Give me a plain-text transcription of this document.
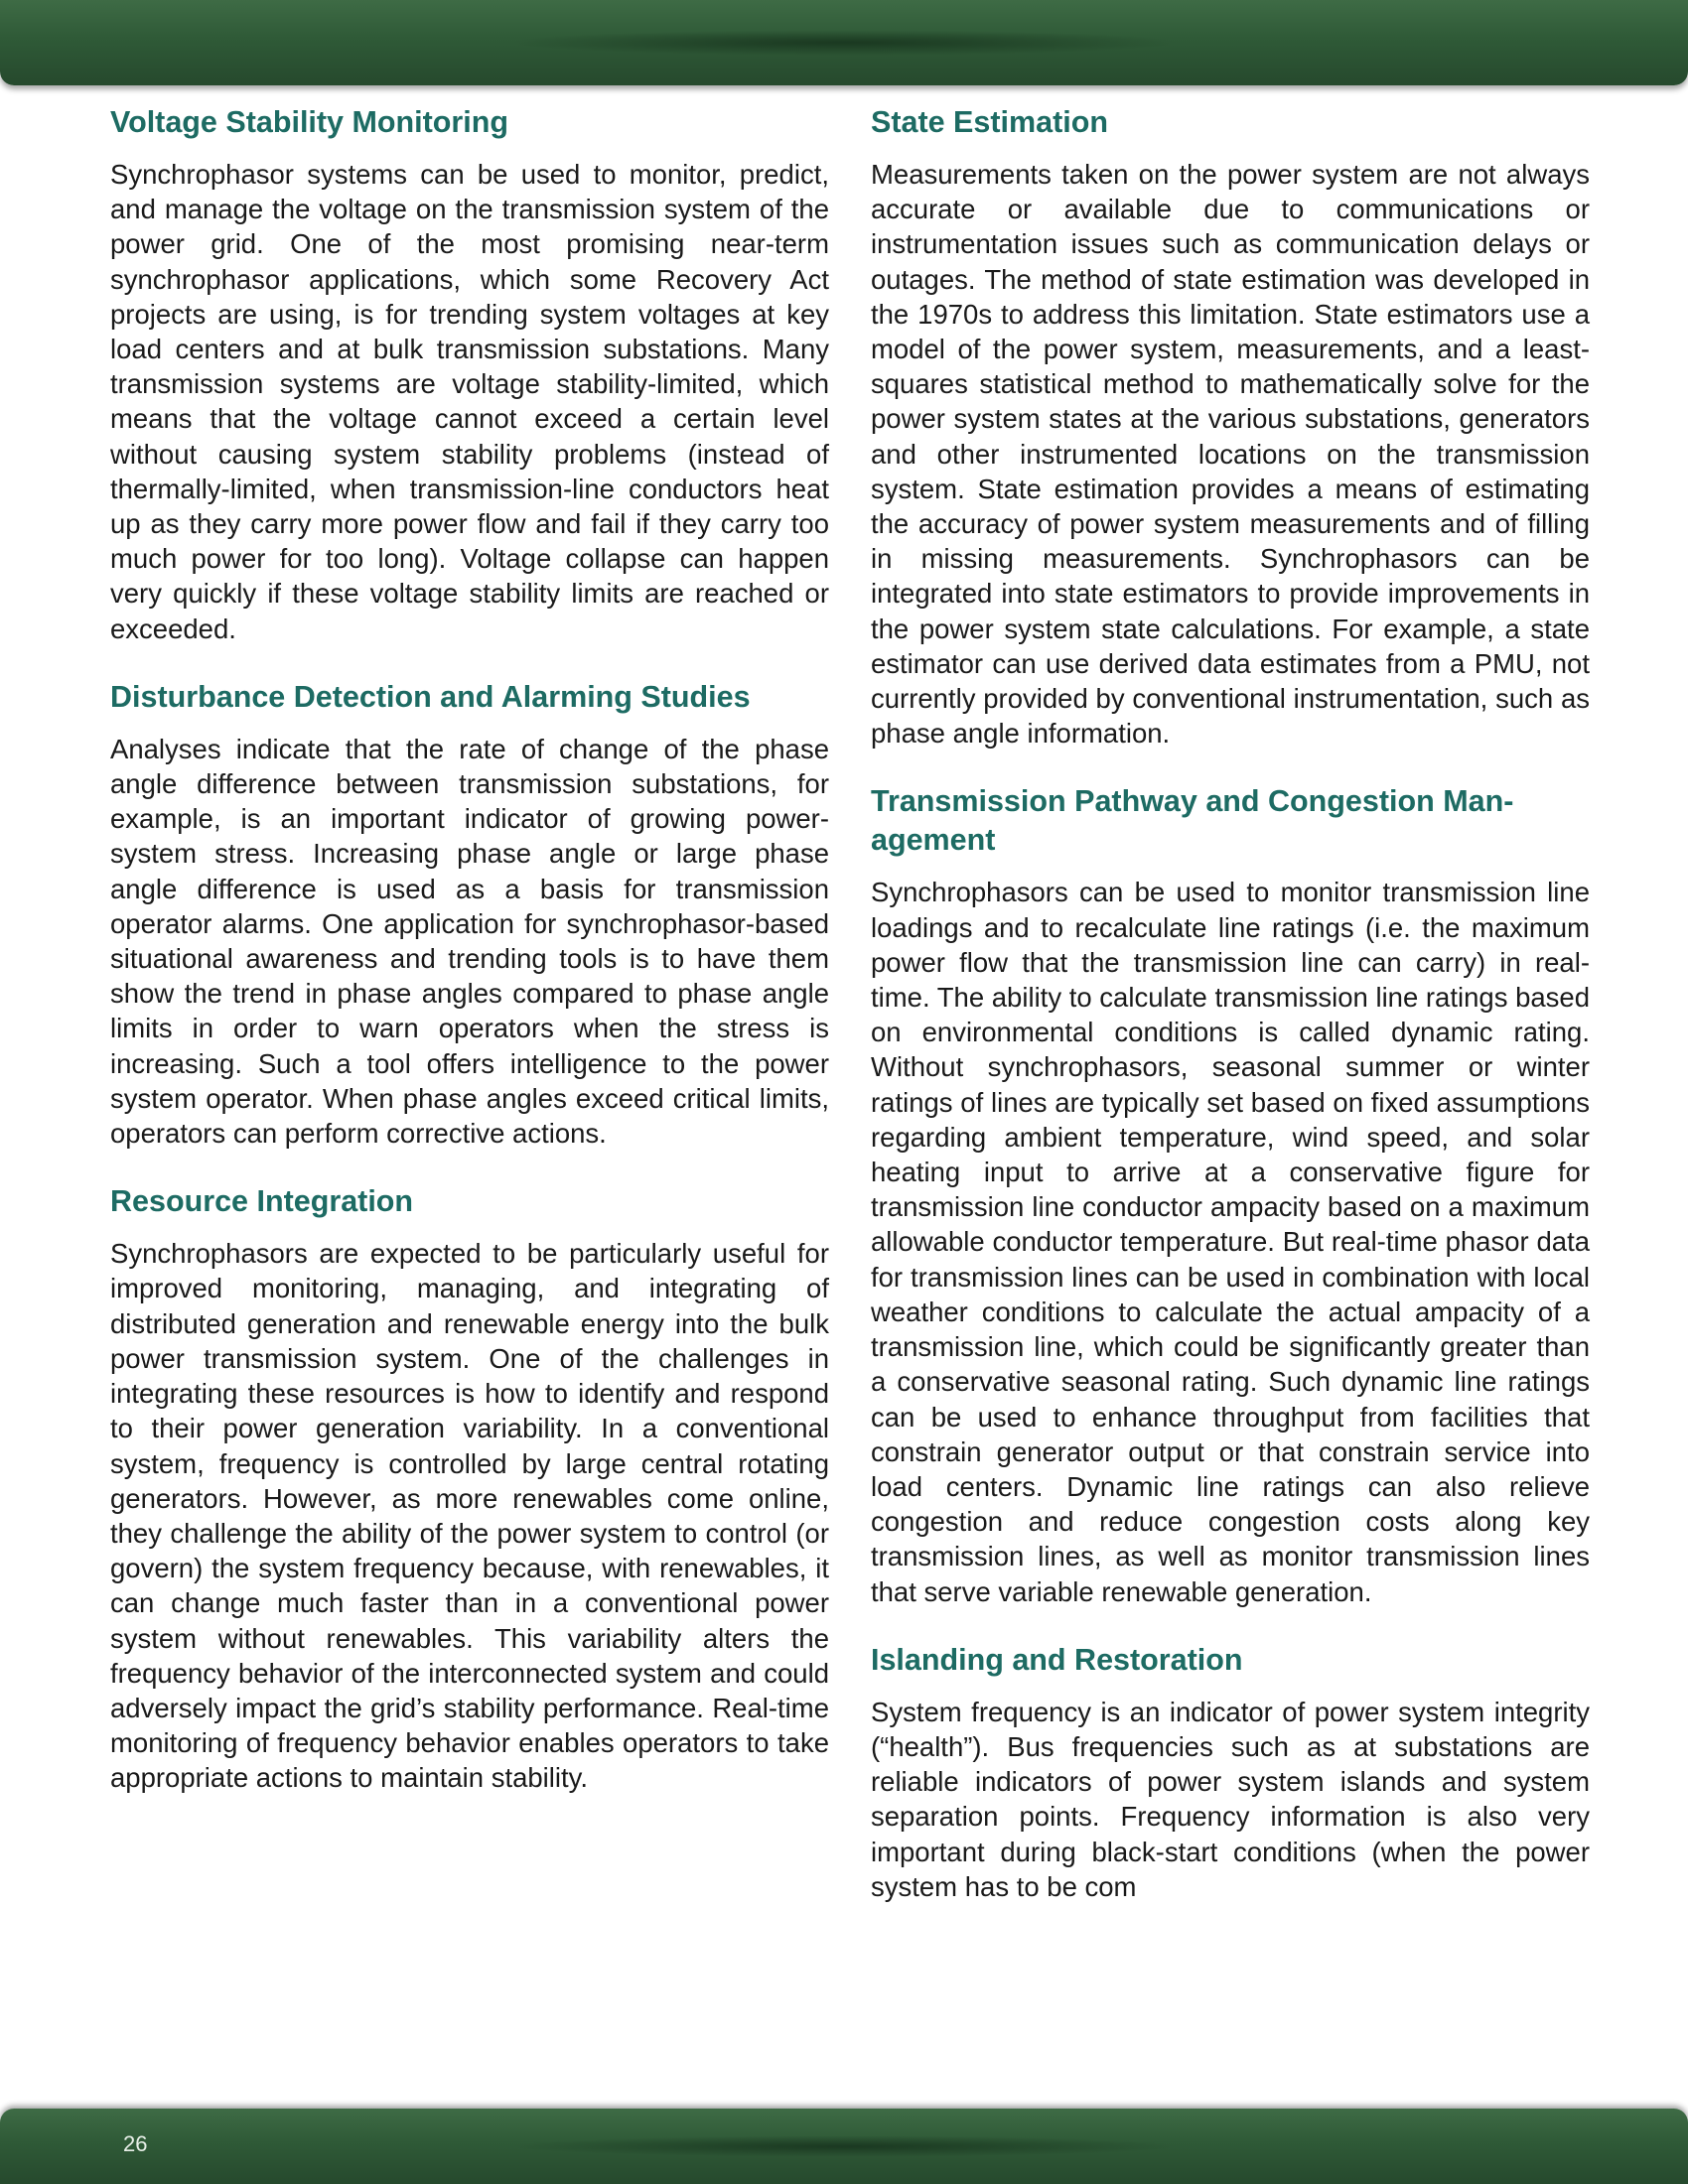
Voltage Stability Monitoring

Synchrophasor systems can be used to monitor, predict, and manage the voltage on the transmission system of the power grid. One of the most promising near-term synchrophasor applications, which some Recovery Act projects are using, is for trending system voltages at key load centers and at bulk transmission substations. Many transmission systems are voltage stability-limited, which means that the voltage cannot exceed a certain level without causing system stability problems (instead of thermally-limited, when transmission-line conductors heat up as they carry more power flow and fail if they carry too much power for too long). Voltage collapse can happen very quickly if these voltage stability limits are reached or exceeded.

Disturbance Detection and Alarming Studies

Analyses indicate that the rate of change of the phase angle difference between transmission substations, for example, is an important indicator of growing power-system stress. Increasing phase angle or large phase angle difference is used as a basis for transmission operator alarms. One application for synchrophasor-based situational awareness and trending tools is to have them show the trend in phase angles compared to phase angle limits in order to warn operators when the stress is increasing. Such a tool offers intelligence to the power system operator. When phase angles exceed critical limits, operators can perform corrective actions.

Resource Integration

Synchrophasors are expected to be particularly useful for improved monitoring, managing, and integrating of distributed generation and renewable energy into the bulk power transmission system. One of the challenges in integrating these resources is how to identify and respond to their power generation variability. In a conventional system, frequency is controlled by large central rotating generators. However, as more renewables come online, they challenge the ability of the power system to control (or govern) the system frequency because, with renewables, it can change much faster than in a conventional power system without renewables. This variability alters the frequency behavior of the interconnected system and could adversely impact the grid’s stability performance. Real-time monitoring of frequency behavior enables operators to take appropriate actions to maintain stability.

State Estimation

Measurements taken on the power system are not always accurate or available due to communications or instrumentation issues such as communication delays or outages. The method of state estimation was developed in the 1970s to address this limitation. State estimators use a model of the power system, measurements, and a least-squares statistical method to mathematically solve for the power system states at the various substations, generators and other instrumented locations on the transmission system. State estimation provides a means of estimating the accuracy of power system measurements and of filling in missing measurements. Synchrophasors can be integrated into state estimators to provide improvements in the power system state calculations. For example, a state estimator can use derived data estimates from a PMU, not currently provided by conventional instrumentation, such as phase angle information.

Transmission Pathway and Congestion Management

Synchrophasors can be used to monitor transmission line loadings and to recalculate line ratings (i.e. the maximum power flow that the transmission line can carry) in real-time. The ability to calculate transmission line ratings based on environmental conditions is called dynamic rating. Without synchrophasors, seasonal summer or winter ratings of lines are typically set based on fixed assumptions regarding ambient temperature, wind speed, and solar heating input to arrive at a conservative figure for transmission line conductor ampacity based on a maximum allowable conductor temperature. But real-time phasor data for transmission lines can be used in combination with local weather conditions to calculate the actual ampacity of a transmission line, which could be significantly greater than a conservative seasonal rating. Such dynamic line ratings can be used to enhance throughput from facilities that constrain generator output or that constrain service into load centers. Dynamic line ratings can also relieve congestion and reduce congestion costs along key transmission lines, as well as monitor transmission lines that serve variable renewable generation.

Islanding and Restoration

System frequency is an indicator of power system integrity (“health”). Bus frequencies such as at substations are reliable indicators of power system islands and system separation points. Frequency information is also very important during black-start conditions (when the power system has to be com

26
